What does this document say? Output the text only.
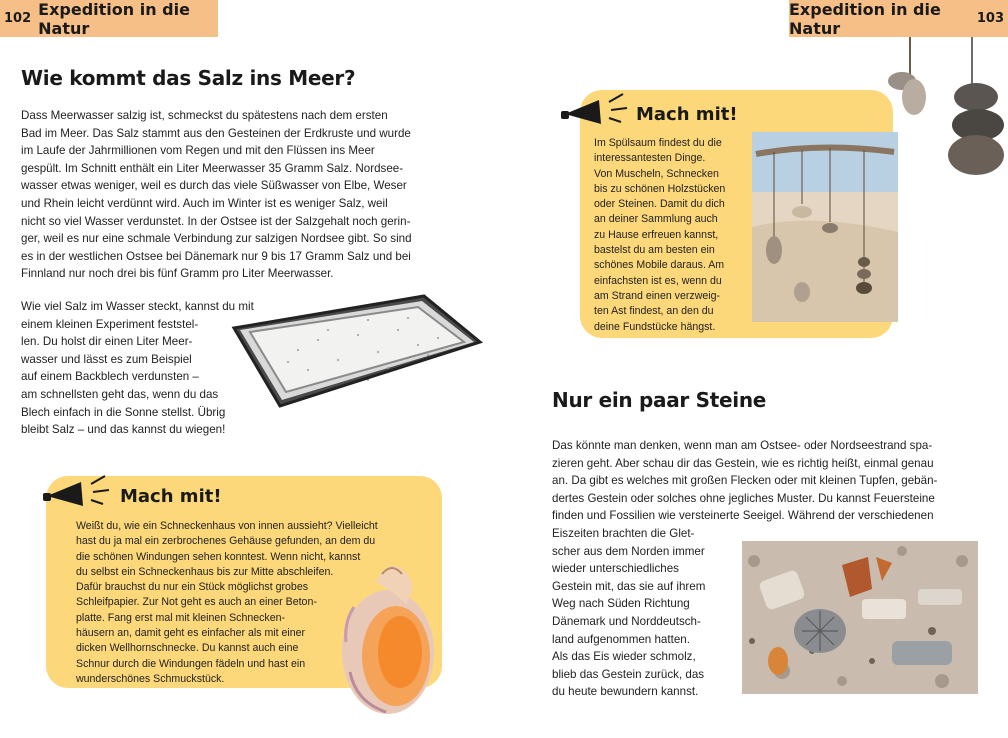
102 Expedition in die Natur
Expedition in die Natur	103
Wie kommt das Salz ins Meer?
Dass Meerwasser salzig ist, schmeckst du spätestens nach dem ersten
Bad im Meer. Das Salz stammt aus den Gesteinen der Erdkruste und wurde
im Laufe der Jahrmillionen vom Regen und mit den Flüssen ins Meer
gespült. Im Schnitt enthält ein Liter Meerwasser 35 Gramm Salz. Nordsee-
wasser etwas weniger, weil es durch das viele Süßwasser von Elbe, Weser
und Rhein leicht verdünnt wird. Auch im Winter ist es weniger Salz, weil
nicht so viel Wasser verdunstet. In der Ostsee ist der Salzgehalt noch gerin-
ger, weil es nur eine schmale Verbindung zur salzigen Nordsee gibt. So sind
es in der westlichen Ostsee bei Dänemark nur 9 bis 17 Gramm Salz und bei
Finnland nur noch drei bis fünf Gramm pro Liter Meerwasser.
Wie viel Salz im Wasser steckt, kannst du mit
einem kleinen Experiment feststel-
len. Du holst dir einen Liter Meer-
wasser und lässt es zum Beispiel
auf einem Backblech verdunsten –
am schnellsten geht das, wenn du das
Blech einfach in die Sonne stellst. Übrig
bleibt Salz – und das kannst du wiegen!
Mach mit!
Weißt du, wie ein Schneckenhaus von innen aussieht? Vielleicht
hast du ja mal ein zerbrochenes Gehäuse gefunden, an dem du
die schönen Windungen sehen konntest. Wenn nicht, kannst
du selbst ein Schneckenhaus bis zur Mitte abschleifen.
Dafür brauchst du nur ein Stück möglichst grobes
Schleifpapier. Zur Not geht es auch an einer Beton-
platte. Fang erst mal mit kleinen Schnecken-
häusern an, damit geht es einfacher als mit einer
dicken Wellhornschnecke. Du kannst auch eine
Schnur durch die Windungen fädeln und hast ein
wunderschönes Schmuckstück.
Mach mit!
Im Spülsaum findest du die
interessantesten Dinge.
Von Muscheln, Schnecken
bis zu schönen Holzstücken
oder Steinen. Damit du dich
an deiner Sammlung auch
zu Hause erfreuen kannst,
bastelst du am besten ein
schönes Mobile daraus. Am
einfachsten ist es, wenn du
am Strand einen verzweig-
ten Ast findest, an den du
deine Fundstücke hängst.
Nur ein paar Steine
Das könnte man denken, wenn man am Ostsee- oder Nordseestrand spa-
zieren geht. Aber schau dir das Gestein, wie es richtig heißt, einmal genau
an. Da gibt es welches mit großen Flecken oder mit kleinen Tupfen, gebän-
dertes Gestein oder solches ohne jegliches Muster. Du kannst Feuersteine
finden und Fossilien wie versteinerte Seeigel. Während der verschiedenen
Eiszeiten brachten die Glet-
scher aus dem Norden immer
wieder unterschiedliches
Gestein mit, das sie auf ihrem
Weg nach Süden Richtung
Dänemark und Norddeutsch-
land aufgenommen hatten.
Als das Eis wieder schmolz,
blieb das Gestein zurück, das
du heute bewundern kannst.
